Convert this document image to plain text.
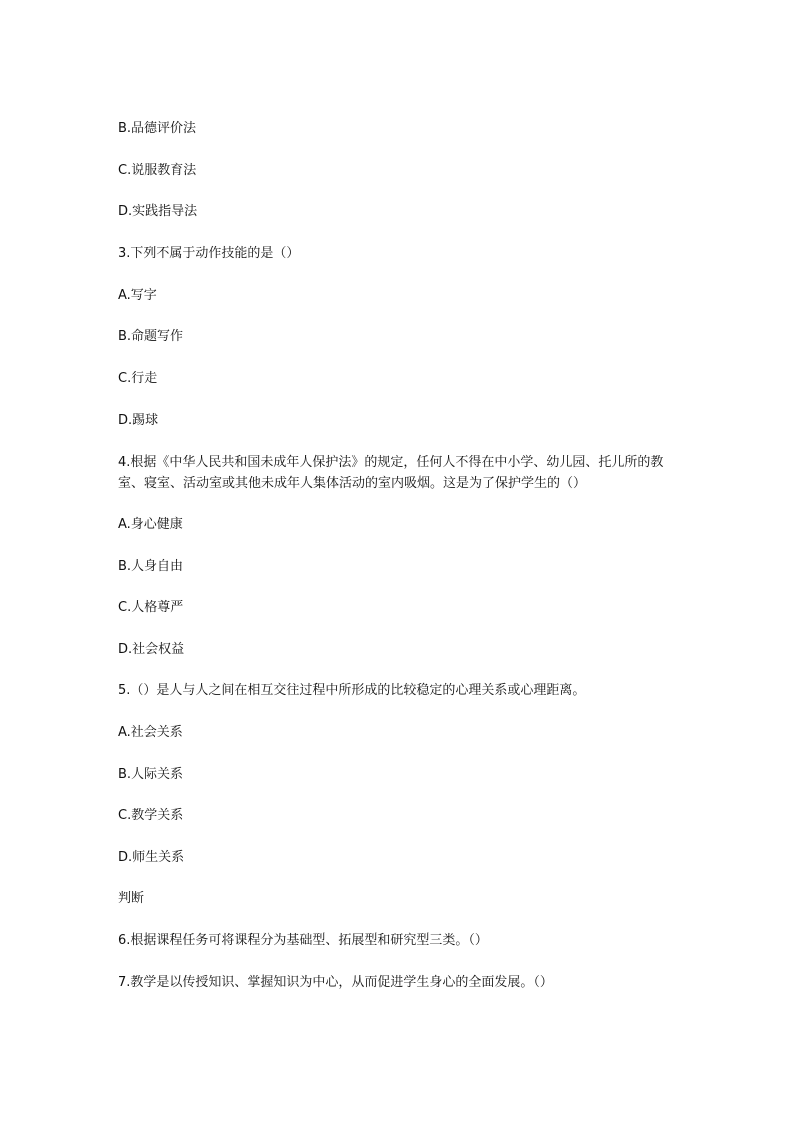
B.品德评价法
C.说服教育法
D.实践指导法
3.下列不属于动作技能的是（）
A.写字
B.命题写作
C.行走
D.踢球
4.根据《中华人民共和国未成年人保护法》的规定，任何人不得在中小学、幼儿园、托儿所的教室、寝室、活动室或其他未成年人集体活动的室内吸烟。这是为了保护学生的（）
A.身心健康
B.人身自由
C.人格尊严
D.社会权益
5.（）是人与人之间在相互交往过程中所形成的比较稳定的心理关系或心理距离。
A.社会关系
B.人际关系
C.教学关系
D.师生关系
判断
6.根据课程任务可将课程分为基础型、拓展型和研究型三类。（）
7.教学是以传授知识、掌握知识为中心，从而促进学生身心的全面发展。（）
